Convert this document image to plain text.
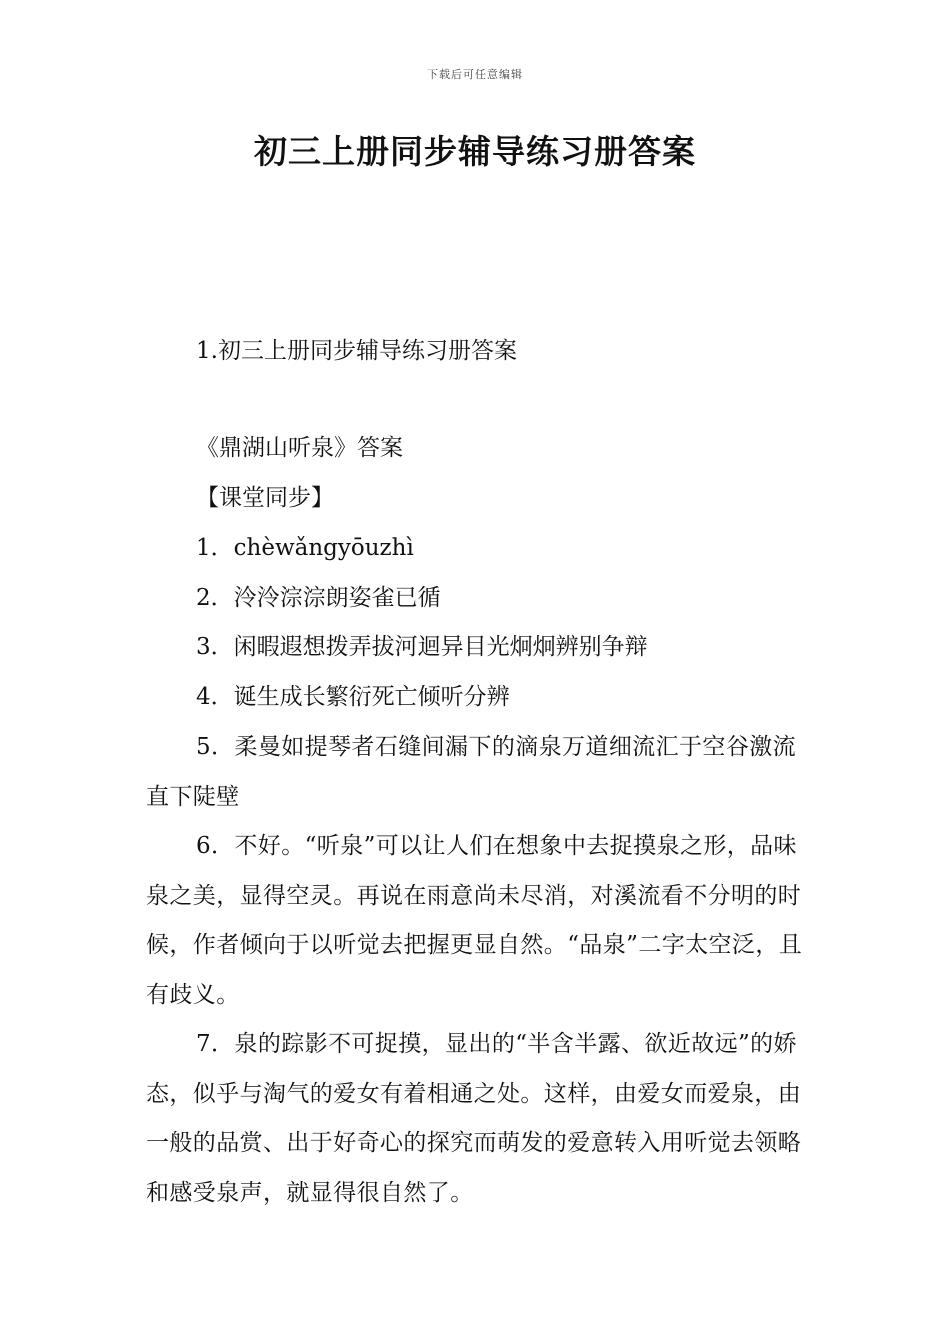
下载后可任意编辑
初三上册同步辅导练习册答案
1.初三上册同步辅导练习册答案
《鼎湖山听泉》答案
【课堂同步】
1．chèwǎngyōuzhì
2．泠泠淙淙朗姿雀已循
3．闲暇遐想拨弄拔河迴异目光炯炯辨别争辩
4．诞生成长繁衍死亡倾听分辨
5．柔曼如提琴者石缝间漏下的滴泉万道细流汇于空谷激流直下陡壁
6．不好。“听泉”可以让人们在想象中去捉摸泉之形，品味泉之美，显得空灵。再说在雨意尚未尽消，对溪流看不分明的时候，作者倾向于以听觉去把握更显自然。“品泉”二字太空泛，且有歧义。
7．泉的踪影不可捉摸，显出的“半含半露、欲近故远”的娇态，似乎与淘气的爱女有着相通之处。这样，由爱女而爱泉，由一般的品赏、出于好奇心的探究而萌发的爱意转入用听觉去领略和感受泉声，就显得很自然了。
